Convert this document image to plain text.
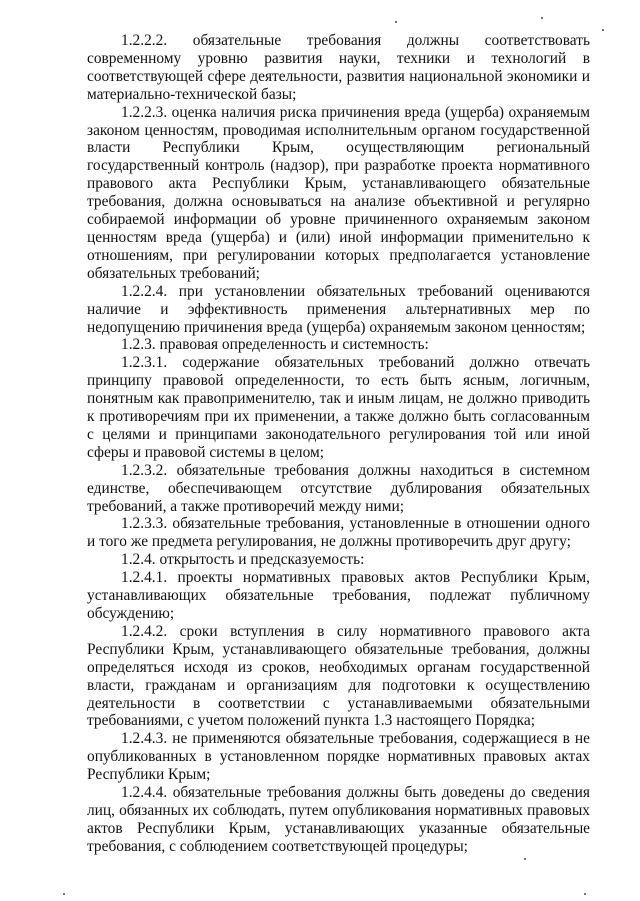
1.2.2.2. обязательные требования должны соответствовать современному уровню развития науки, техники и технологий в соответствующей сфере деятельности, развития национальной экономики и материально-технической базы;

1.2.2.3. оценка наличия риска причинения вреда (ущерба) охраняемым законом ценностям, проводимая исполнительным органом государственной власти Республики Крым, осуществляющим региональный государственный контроль (надзор), при разработке проекта нормативного правового акта Республики Крым, устанавливающего обязательные требования, должна основываться на анализе объективной и регулярно собираемой информации об уровне причиненного охраняемым законом ценностям вреда (ущерба) и (или) иной информации применительно к отношениям, при регулировании которых предполагается установление обязательных требований;

1.2.2.4. при установлении обязательных требований оцениваются наличие и эффективность применения альтернативных мер по недопущению причинения вреда (ущерба) охраняемым законом ценностям;

1.2.3. правовая определенность и системность:

1.2.3.1. содержание обязательных требований должно отвечать принципу правовой определенности, то есть быть ясным, логичным, понятным как правоприменителю, так и иным лицам, не должно приводить к противоречиям при их применении, а также должно быть согласованным с целями и принципами законодательного регулирования той или иной сферы и правовой системы в целом;

1.2.3.2. обязательные требования должны находиться в системном единстве, обеспечивающем отсутствие дублирования обязательных требований, а также противоречий между ними;

1.2.3.3. обязательные требования, установленные в отношении одного и того же предмета регулирования, не должны противоречить друг другу;

1.2.4. открытость и предсказуемость:

1.2.4.1. проекты нормативных правовых актов Республики Крым, устанавливающих обязательные требования, подлежат публичному обсуждению;

1.2.4.2. сроки вступления в силу нормативного правового акта Республики Крым, устанавливающего обязательные требования, должны определяться исходя из сроков, необходимых органам государственной власти, гражданам и организациям для подготовки к осуществлению деятельности в соответствии с устанавливаемыми обязательными требованиями, с учетом положений пункта 1.3 настоящего Порядка;

1.2.4.3. не применяются обязательные требования, содержащиеся в не опубликованных в установленном порядке нормативных правовых актах Республики Крым;

1.2.4.4. обязательные требования должны быть доведены до сведения лиц, обязанных их соблюдать, путем опубликования нормативных правовых актов Республики Крым, устанавливающих указанные обязательные требования, с соблюдением соответствующей процедуры;
